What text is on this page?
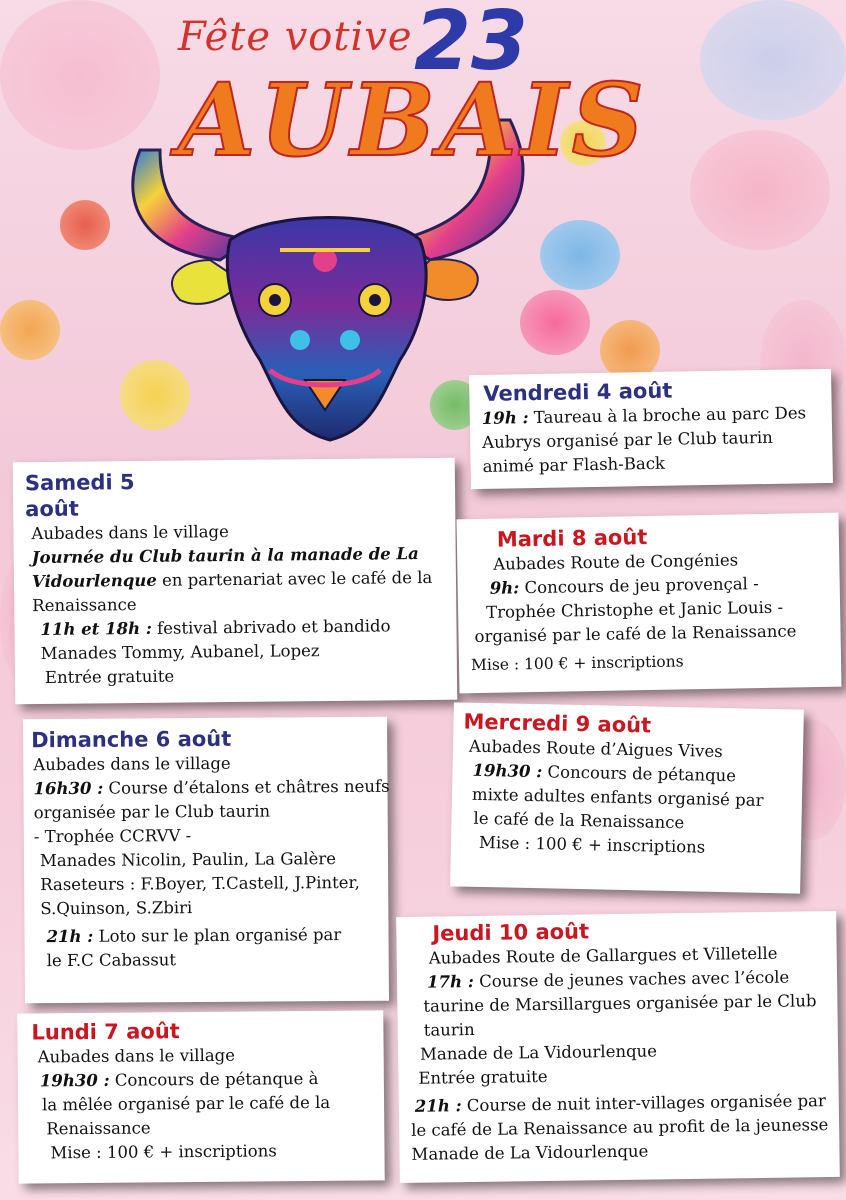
Fête votive 23
AUBAIS
Vendredi 4 août
19h : Taureau à la broche au parc Des
Aubrys organisé par le Club taurin
animé par Flash-Back
Samedi 5
août
Aubades dans le village
Journée du Club taurin à la manade de La
Vidourlenque en partenariat avec le café de la
Renaissance
11h et 18h : festival abrivado et bandido
Manades Tommy, Aubanel, Lopez
Entrée gratuite
Mardi 8 août
Aubades Route de Congénies
9h: Concours de jeu provençal -
Trophée Christophe et Janic Louis -
organisé par le café de la Renaissance
Mise : 100 € + inscriptions
Dimanche 6 août
Aubades dans le village
16h30 : Course d’étalons et châtres neufs
organisée par le Club taurin
- Trophée CCRVV -
Manades Nicolin, Paulin, La Galère
Raseteurs : F.Boyer, T.Castell, J.Pinter,
S.Quinson, S.Zbiri
21h : Loto sur le plan organisé par
le F.C Cabassut
Mercredi 9 août
Aubades Route d’Aigues Vives
19h30 : Concours de pétanque
mixte adultes enfants organisé par
le café de la Renaissance
Mise : 100 € + inscriptions
Jeudi 10 août
Aubades Route de Gallargues et Villetelle
17h : Course de jeunes vaches avec l’école
taurine de Marsillargues organisée par le Club
taurin
Manade de La Vidourlenque
Entrée gratuite
21h : Course de nuit inter-villages organisée par
le café de La Renaissance au profit de la jeunesse
Manade de La Vidourlenque
Lundi 7 août
Aubades dans le village
19h30 : Concours de pétanque à
la mêlée organisé par le café de la
Renaissance
Mise : 100 € + inscriptions
